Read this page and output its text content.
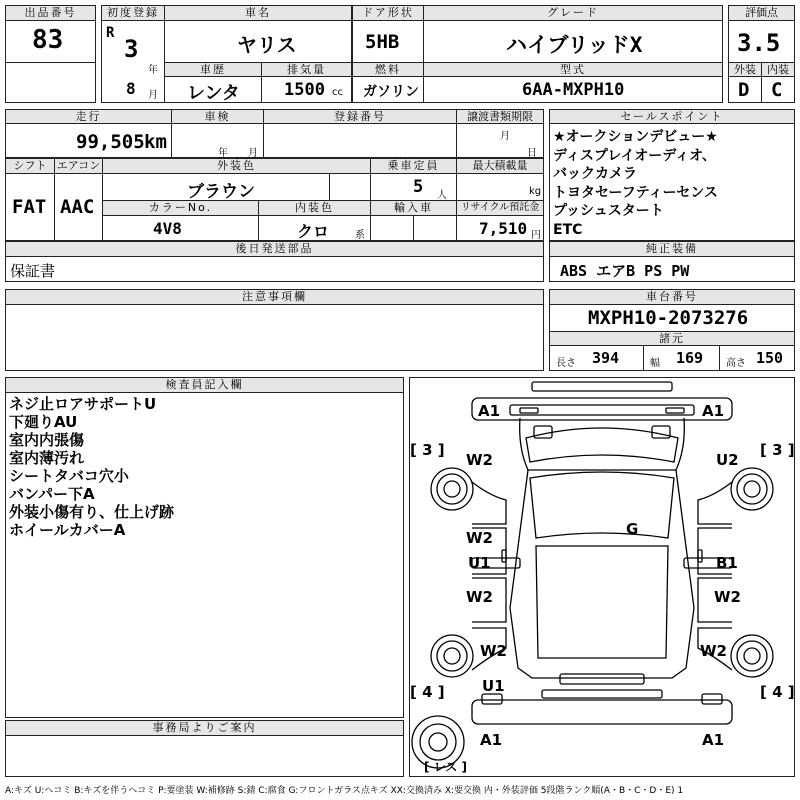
出品番号
83
初度登録
R
3
年
8 月
車名
ヤリス
ドア形状
5HB
グレード
ハイブリッドX
車歴
レンタ
排気量
1500 cc
燃料
ガソリン
型式
6AA-MXPH10
評価点
3.5
外装	内装
D C
走行
99,505 km
車検
年 月
登録番号	譲渡書類期限
月
日
シフト
FAT
エアコン
AAC
外装色
ブラウン
乗車定員
5 人
最大積載量
kg
カラーNo.
4V8
内装色
クロ	系
輸入車	リサイクル預託金
7,510 円
後日発送部品
保証書
セールスポイント
★オークションデビュー★
ディスプレイオーディオ、
バックカメラ
トヨタセーフティーセンス
プッシュスタート
ETC
純正装備
ABS エアB PS PW
注意事項欄	車台番号
MXPH10-2073276
諸元
長さ 394	幅 169 高さ 150
検査員記入欄
ネジ止ロアサポートU
下廻りAU
室内内張傷
室内薄汚れ
シートタバコ穴小
バンパー下A
外装小傷有り、仕上げ跡
ホイールカバーA
事務局よりご案内
A1	A1
[ 3 ]	[ 3 ]
W2	U2
G
W2
U1	B1
W2	W2
W2	W2
[ 4 ]	[ 4 ]
U1
A1	A1
[ レス ]
A:キズ U:ヘコミ B:キズを伴うヘコミ P:要塗装 W:補修跡 S:錆 C:腐食 G:フロントガラス点キズ XX:交換済み X:要交換 内・外装評価 5段階ランク順(A・B・C・D・E) 1
